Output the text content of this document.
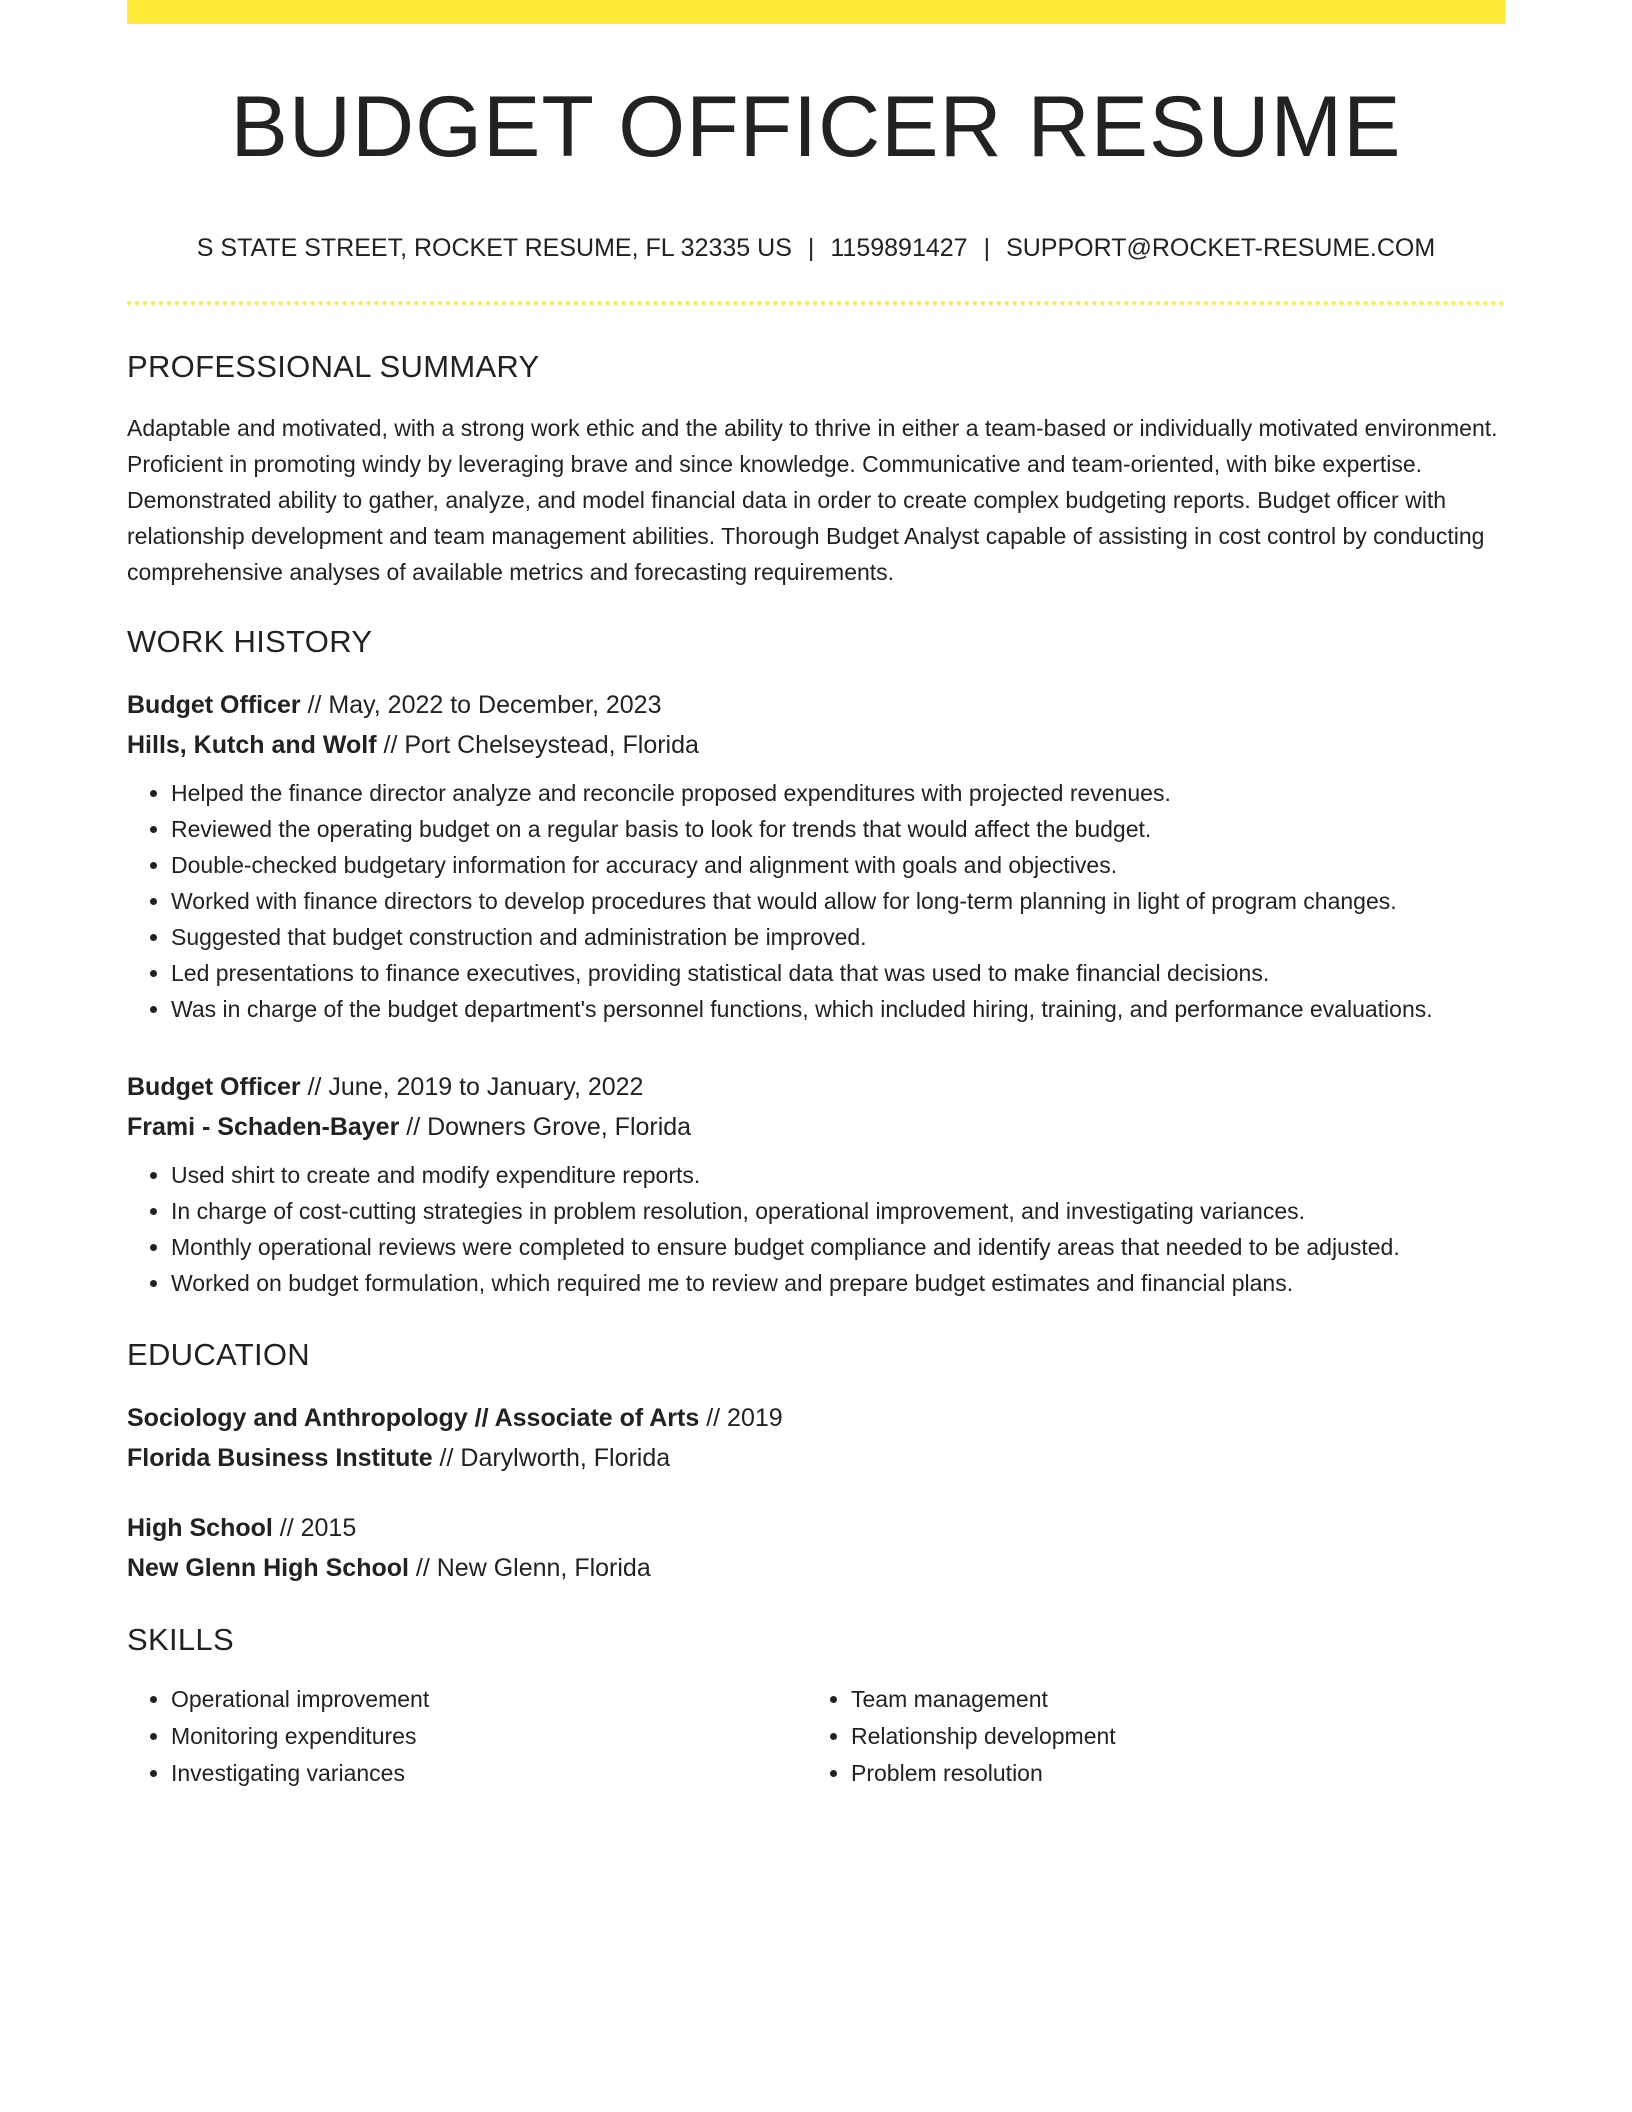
BUDGET OFFICER RESUME
S STATE STREET, ROCKET RESUME, FL 32335 US | 1159891427 | SUPPORT@ROCKET-RESUME.COM
PROFESSIONAL SUMMARY
Adaptable and motivated, with a strong work ethic and the ability to thrive in either a team-based or individually motivated environment. Proficient in promoting windy by leveraging brave and since knowledge. Communicative and team-oriented, with bike expertise. Demonstrated ability to gather, analyze, and model financial data in order to create complex budgeting reports. Budget officer with relationship development and team management abilities. Thorough Budget Analyst capable of assisting in cost control by conducting comprehensive analyses of available metrics and forecasting requirements.
WORK HISTORY
Budget Officer // May, 2022 to December, 2023
Hills, Kutch and Wolf // Port Chelseystead, Florida
• Helped the finance director analyze and reconcile proposed expenditures with projected revenues.
• Reviewed the operating budget on a regular basis to look for trends that would affect the budget.
• Double-checked budgetary information for accuracy and alignment with goals and objectives.
• Worked with finance directors to develop procedures that would allow for long-term planning in light of program changes.
• Suggested that budget construction and administration be improved.
• Led presentations to finance executives, providing statistical data that was used to make financial decisions.
• Was in charge of the budget department's personnel functions, which included hiring, training, and performance evaluations.
Budget Officer // June, 2019 to January, 2022
Frami - Schaden-Bayer // Downers Grove, Florida
• Used shirt to create and modify expenditure reports.
• In charge of cost-cutting strategies in problem resolution, operational improvement, and investigating variances.
• Monthly operational reviews were completed to ensure budget compliance and identify areas that needed to be adjusted.
• Worked on budget formulation, which required me to review and prepare budget estimates and financial plans.
EDUCATION
Sociology and Anthropology // Associate of Arts // 2019
Florida Business Institute // Darylworth, Florida
High School // 2015
New Glenn High School // New Glenn, Florida
SKILLS
• Operational improvement
• Monitoring expenditures
• Investigating variances
• Team management
• Relationship development
• Problem resolution
